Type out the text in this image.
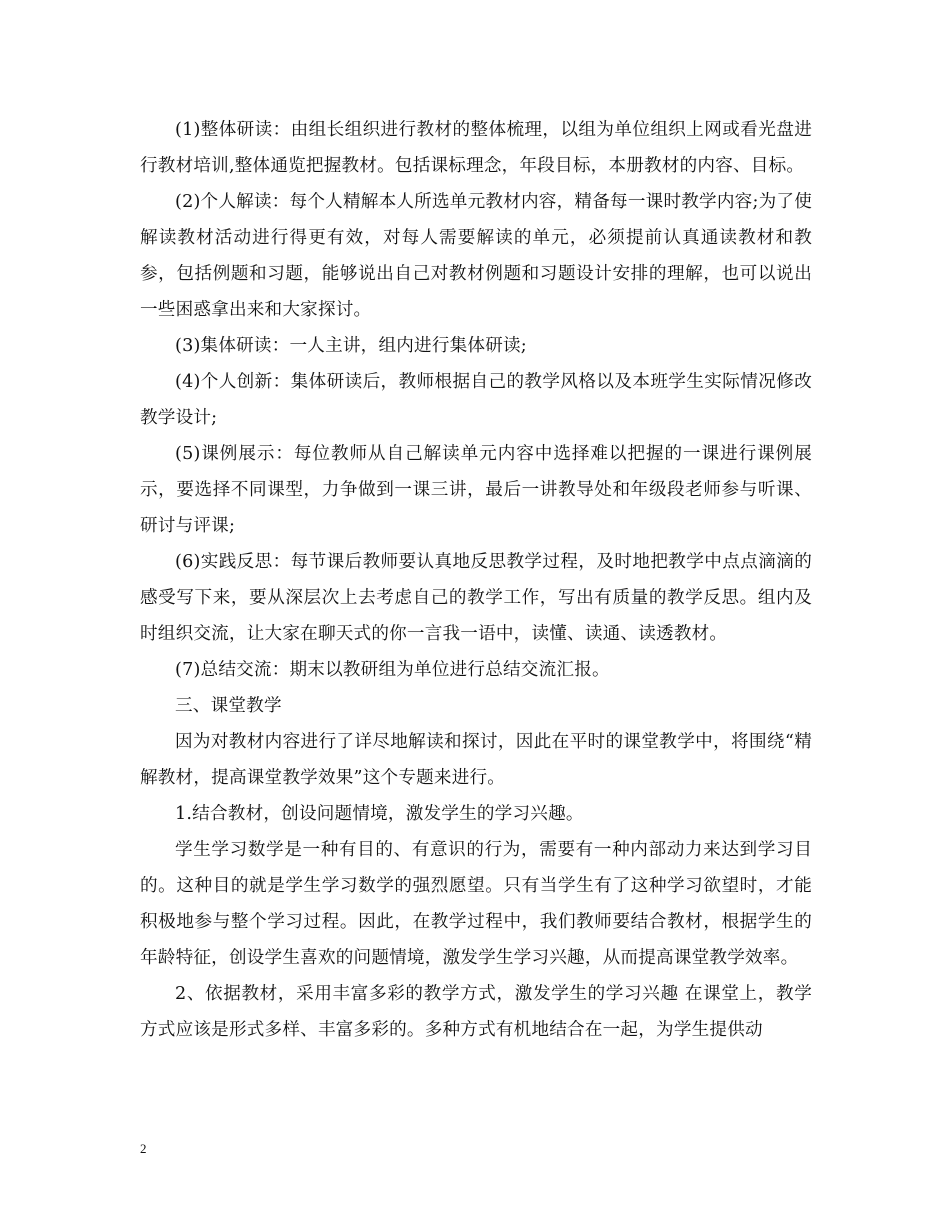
(1)整体研读：由组长组织进行教材的整体梳理，以组为单位组织上网或看光盘进行教材培训,整体通览把握教材。包括课标理念，年段目标，本册教材的内容、目标。

(2)个人解读：每个人精解本人所选单元教材内容，精备每一课时教学内容;为了使解读教材活动进行得更有效，对每人需要解读的单元，必须提前认真通读教材和教参，包括例题和习题，能够说出自己对教材例题和习题设计安排的理解，也可以说出一些困惑拿出来和大家探讨。

(3)集体研读：一人主讲，组内进行集体研读;

(4)个人创新：集体研读后，教师根据自己的教学风格以及本班学生实际情况修改教学设计;

(5)课例展示：每位教师从自己解读单元内容中选择难以把握的一课进行课例展示，要选择不同课型，力争做到一课三讲，最后一讲教导处和年级段老师参与听课、研讨与评课;

(6)实践反思：每节课后教师要认真地反思教学过程，及时地把教学中点点滴滴的感受写下来，要从深层次上去考虑自己的教学工作，写出有质量的教学反思。组内及时组织交流，让大家在聊天式的你一言我一语中，读懂、读通、读透教材。

(7)总结交流：期末以教研组为单位进行总结交流汇报。

三、课堂教学

因为对教材内容进行了详尽地解读和探讨，因此在平时的课堂教学中，将围绕“精解教材，提高课堂教学效果”这个专题来进行。

1.结合教材，创设问题情境，激发学生的学习兴趣。

学生学习数学是一种有目的、有意识的行为，需要有一种内部动力来达到学习目的。这种目的就是学生学习数学的强烈愿望。只有当学生有了这种学习欲望时，才能积极地参与整个学习过程。因此，在教学过程中，我们教师要结合教材，根据学生的年龄特征，创设学生喜欢的问题情境，激发学生学习兴趣，从而提高课堂教学效率。

2、依据教材，采用丰富多彩的教学方式，激发学生的学习兴趣 在课堂上，教学方式应该是形式多样、丰富多彩的。多种方式有机地结合在一起，为学生提供动

2
